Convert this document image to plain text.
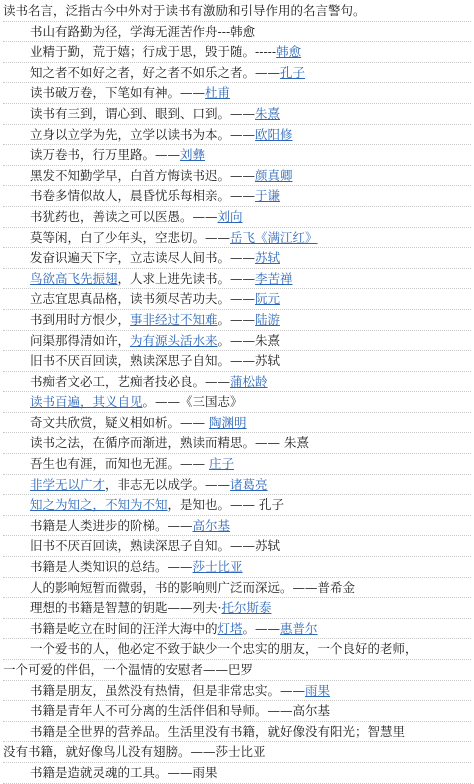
读书名言，泛指古今中外对于读书有激励和引导作用的名言警句。
书山有路勤为径，学海无涯苦作舟---韩愈
业精于勤，荒于嬉；行成于思，毁于随。-----韩愈
知之者不如好之者，好之者不如乐之者。——孔子
读书破万卷，下笔如有神。——杜甫
读书有三到，谓心到、眼到、口到。——朱熹
立身以立学为先，立学以读书为本。——欧阳修
读万卷书，行万里路。——刘彝
黑发不知勤学早，白首方悔读书迟。——颜真卿
书卷多情似故人，晨昏忧乐每相亲。——于谦
书犹药也，善读之可以医愚。——刘向
莫等闲，白了少年头，空悲切。——岳飞《满江红》
发奋识遍天下字，立志读尽人间书。——苏轼
鸟欲高飞先振翅，人求上进先读书。——李苦禅
立志宜思真品格，读书须尽苦功夫。——阮元
书到用时方恨少，事非经过不知难。——陆游
问渠那得清如许，为有源头活水来。——朱熹
旧书不厌百回读，熟读深思子自知。——苏轼
书痴者文必工，艺痴者技必良。——蒲松龄
读书百遍，其义自见。——《三国志》
奇文共欣赏，疑义相如析。—— 陶渊明
读书之法，在循序而渐进，熟读而精思。—— 朱熹
吾生也有涯，而知也无涯。—— 庄子
非学无以广才，非志无以成学。——诸葛亮
知之为知之，不知为不知，是知也。—— 孔子
书籍是人类进步的阶梯。——高尔基
旧书不厌百回读，熟读深思子自知。——苏轼
书籍是人类知识的总结。——莎士比亚
人的影响短暂而微弱，书的影响则广泛而深远。——普希金
理想的书籍是智慧的钥匙——列夫·托尔斯泰
书籍是屹立在时间的汪洋大海中的灯塔。——惠普尔
一个爱书的人，他必定不致于缺少一个忠实的朋友，一个良好的老师，
一个可爱的伴侣，一个温情的安慰者——巴罗
书籍是朋友，虽然没有热情，但是非常忠实。——雨果
书籍是青年人不可分离的生活伴侣和导师。——高尔基
书籍是全世界的营养品。生活里没有书籍，就好像没有阳光；智慧里
没有书籍，就好像鸟儿没有翅膀。——莎士比亚
书籍是造就灵魂的工具。——雨果
